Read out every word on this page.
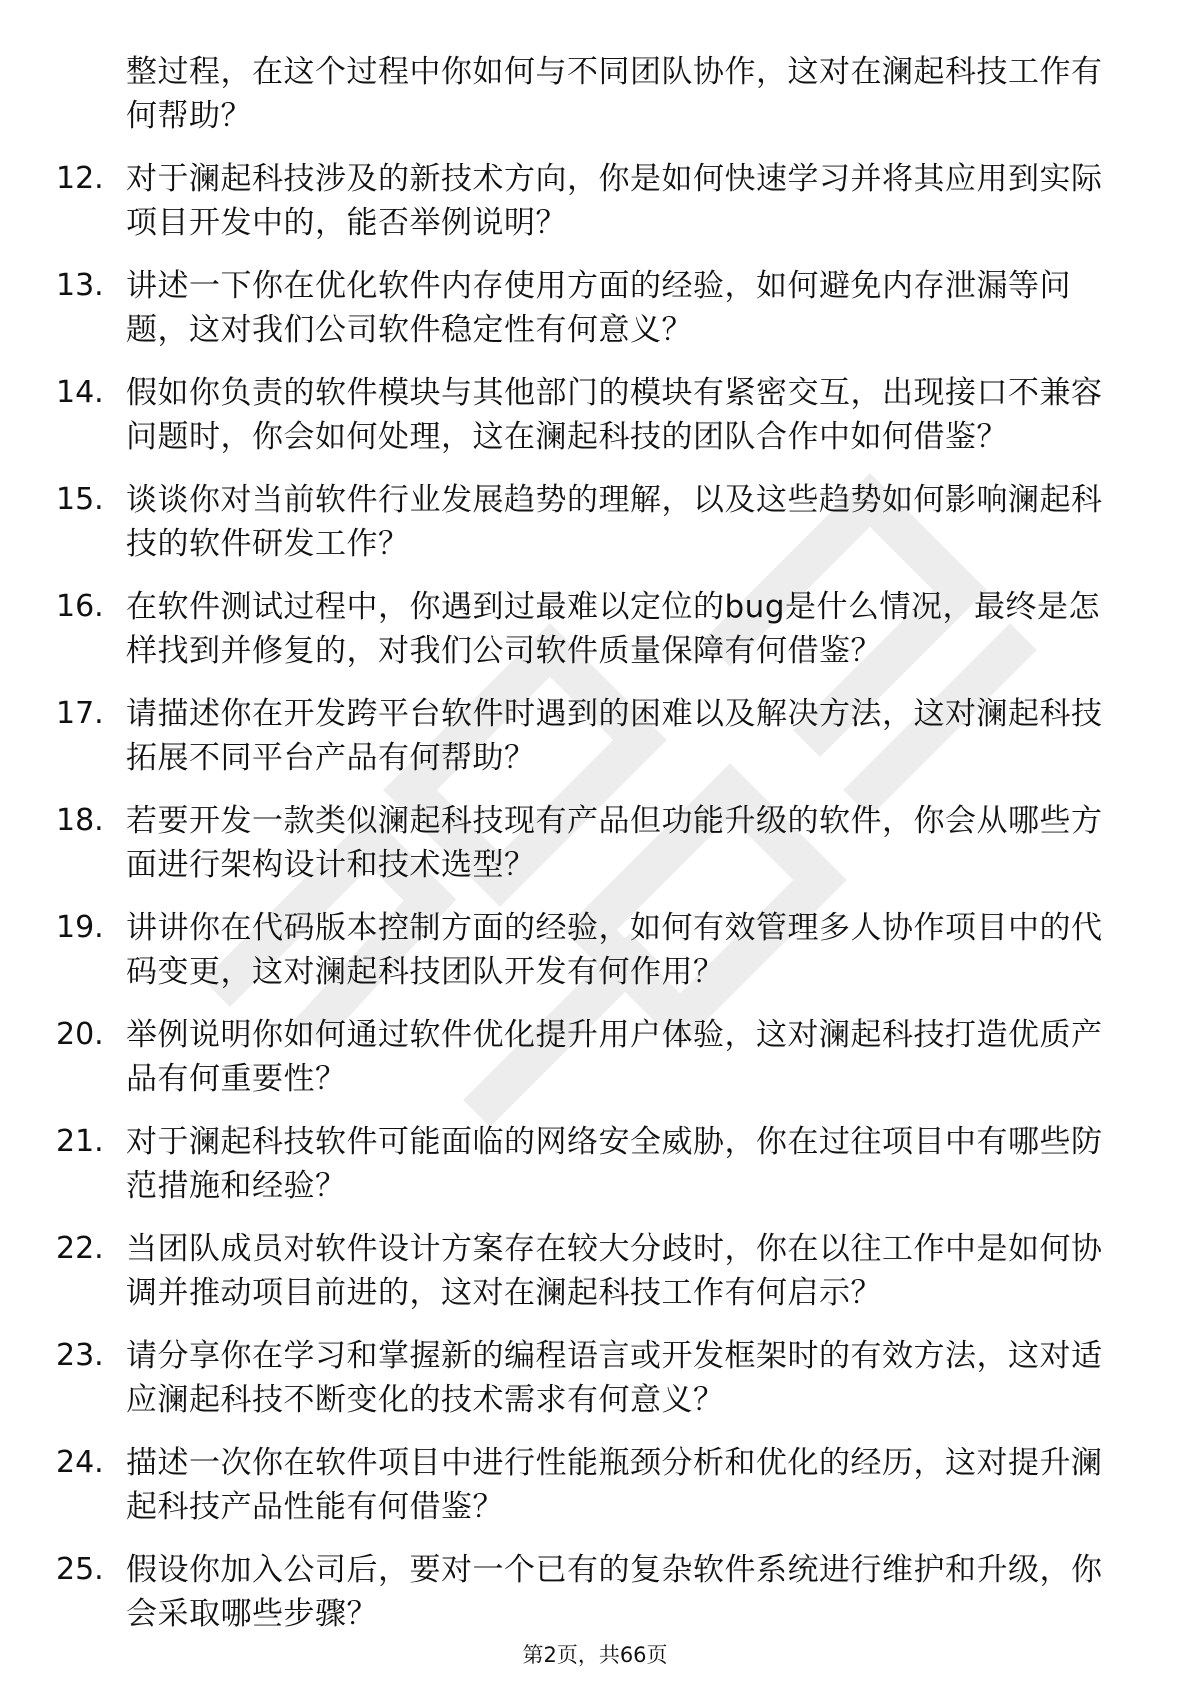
整过程，在这个过程中你如何与不同团队协作，这对在澜起科技工作有何帮助？
12. 对于澜起科技涉及的新技术方向，你是如何快速学习并将其应用到实际项目开发中的，能否举例说明？
13. 讲述一下你在优化软件内存使用方面的经验，如何避免内存泄漏等问题，这对我们公司软件稳定性有何意义？
14. 假如你负责的软件模块与其他部门的模块有紧密交互，出现接口不兼容问题时，你会如何处理，这在澜起科技的团队合作中如何借鉴？
15. 谈谈你对当前软件行业发展趋势的理解，以及这些趋势如何影响澜起科技的软件研发工作？
16. 在软件测试过程中，你遇到过最难以定位的bug是什么情况，最终是怎样找到并修复的，对我们公司软件质量保障有何借鉴？
17. 请描述你在开发跨平台软件时遇到的困难以及解决方法，这对澜起科技拓展不同平台产品有何帮助？
18. 若要开发一款类似澜起科技现有产品但功能升级的软件，你会从哪些方面进行架构设计和技术选型？
19. 讲讲你在代码版本控制方面的经验，如何有效管理多人协作项目中的代码变更，这对澜起科技团队开发有何作用？
20. 举例说明你如何通过软件优化提升用户体验，这对澜起科技打造优质产品有何重要性？
21. 对于澜起科技软件可能面临的网络安全威胁，你在过往项目中有哪些防范措施和经验？
22. 当团队成员对软件设计方案存在较大分歧时，你在以往工作中是如何协调并推动项目前进的，这对在澜起科技工作有何启示？
23. 请分享你在学习和掌握新的编程语言或开发框架时的有效方法，这对适应澜起科技不断变化的技术需求有何意义？
24. 描述一次你在软件项目中进行性能瓶颈分析和优化的经历，这对提升澜起科技产品性能有何借鉴？
25. 假设你加入公司后，要对一个已有的复杂软件系统进行维护和升级，你会采取哪些步骤？
第2页，共66页
